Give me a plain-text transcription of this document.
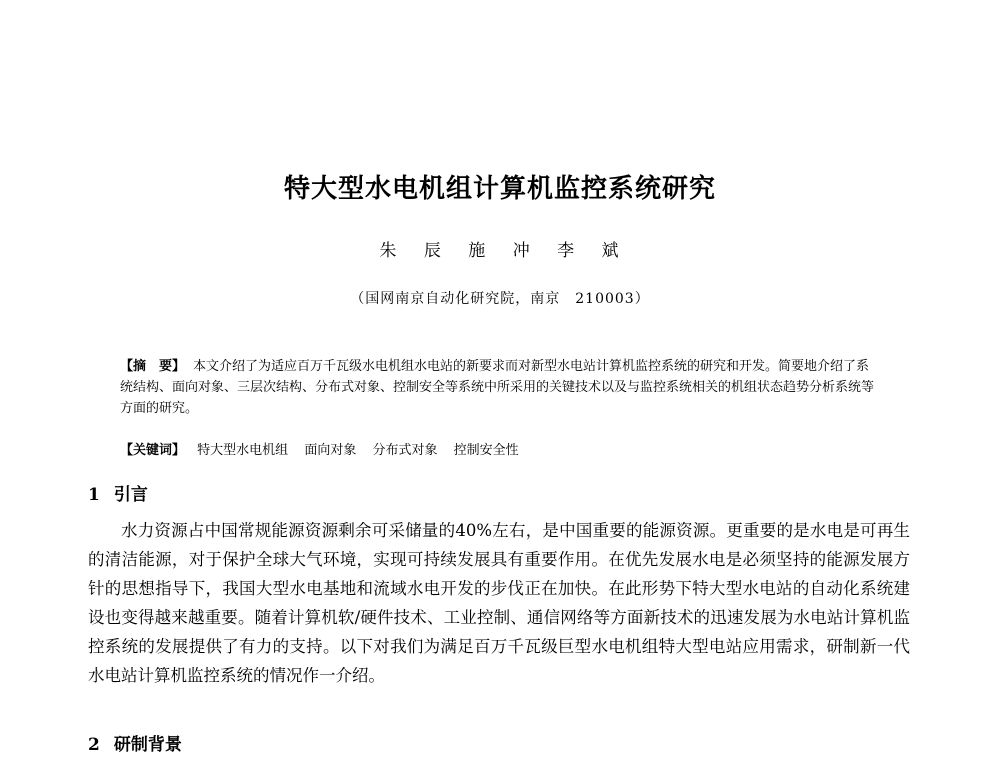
特大型水电机组计算机监控系统研究
朱 辰 施 冲 李 斌
（国网南京自动化研究院，南京　210003）
【摘　要】 本文介绍了为适应百万千瓦级水电机组水电站的新要求而对新型水电站计算机监控系统的研究和开发。简要地介绍了系统结构、面向对象、三层次结构、分布式对象、控制安全等系统中所采用的关键技术以及与监控系统相关的机组状态趋势分析系统等方面的研究。
【关键词】 特大型水电机组 面向对象 分布式对象 控制安全性
1 引言
水力资源占中国常规能源资源剩余可采储量的40%左右，是中国重要的能源资源。更重要的是水电是可再生的清洁能源，对于保护全球大气环境，实现可持续发展具有重要作用。在优先发展水电是必须坚持的能源发展方针的思想指导下，我国大型水电基地和流域水电开发的步伐正在加快。在此形势下特大型水电站的自动化系统建设也变得越来越重要。随着计算机软/硬件技术、工业控制、通信网络等方面新技术的迅速发展为水电站计算机监控系统的发展提供了有力的支持。以下对我们为满足百万千瓦级巨型水电机组特大型电站应用需求，研制新一代水电站计算机监控系统的情况作一介绍。
2 研制背景
